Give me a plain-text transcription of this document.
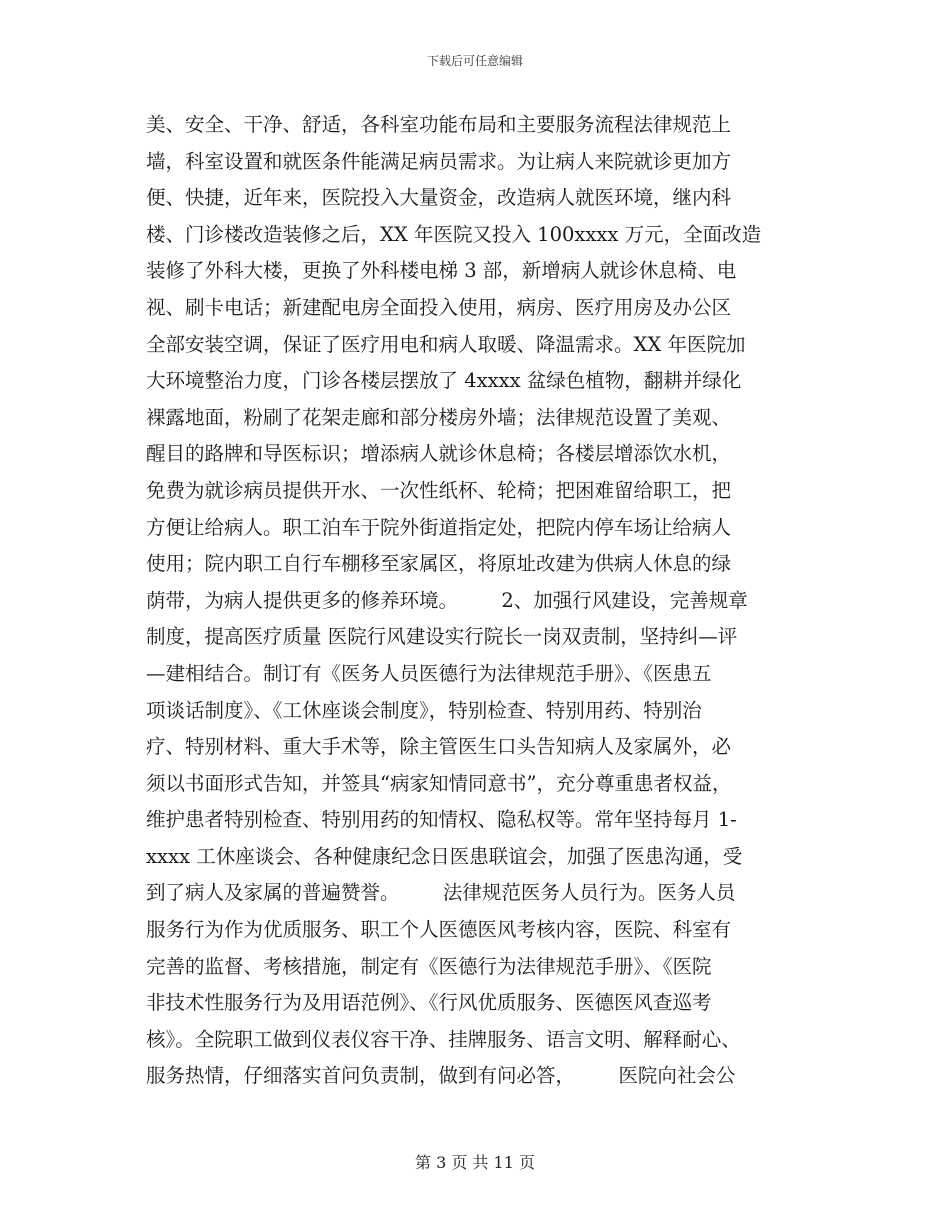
下载后可任意编辑
美、安全、干净、舒适，各科室功能布局和主要服务流程法律规范上
墙，科室设置和就医条件能满足病员需求。为让病人来院就诊更加方
便、快捷，近年来，医院投入大量资金，改造病人就医环境，继内科
楼、门诊楼改造装修之后，XX 年医院又投入 100xxxx 万元，全面改造
装修了外科大楼，更换了外科楼电梯 3 部，新增病人就诊休息椅、电
视、刷卡电话；新建配电房全面投入使用，病房、医疗用房及办公区
全部安装空调，保证了医疗用电和病人取暖、降温需求。XX 年医院加
大环境整治力度，门诊各楼层摆放了 4xxxx 盆绿色植物，翻耕并绿化
裸露地面，粉刷了花架走廊和部分楼房外墙；法律规范设置了美观、
醒目的路牌和导医标识；增添病人就诊休息椅；各楼层增添饮水机，
免费为就诊病员提供开水、一次性纸杯、轮椅；把困难留给职工，把
方便让给病人。职工泊车于院外街道指定处，把院内停车场让给病人
使用；院内职工自行车棚移至家属区，将原址改建为供病人休息的绿
荫带，为病人提供更多的修养环境。       2、加强行风建设，完善规章
制度，提高医疗质量 医院行风建设实行院长一岗双责制，坚持纠—评
—建相结合。制订有《医务人员医德行为法律规范手册》、《医患五
项谈话制度》、《工休座谈会制度》，特别检查、特别用药、特别治
疗、特别材料、重大手术等，除主管医生口头告知病人及家属外，必
须以书面形式告知，并签具“病家知情同意书”，充分尊重患者权益，
维护患者特别检查、特别用药的知情权、隐私权等。常年坚持每月 1-
xxxx 工休座谈会、各种健康纪念日医患联谊会，加强了医患沟通，受
到了病人及家属的普遍赞誉。       法律规范医务人员行为。医务人员
服务行为作为优质服务、职工个人医德医风考核内容，医院、科室有
完善的监督、考核措施，制定有《医德行为法律规范手册》、《医院
非技术性服务行为及用语范例》、《行风优质服务、医德医风查巡考
核》。全院职工做到仪表仪容干净、挂牌服务、语言文明、解释耐心、
服务热情，仔细落实首问负责制，做到有问必答，       医院向社会公
第 3 页 共 11 页
